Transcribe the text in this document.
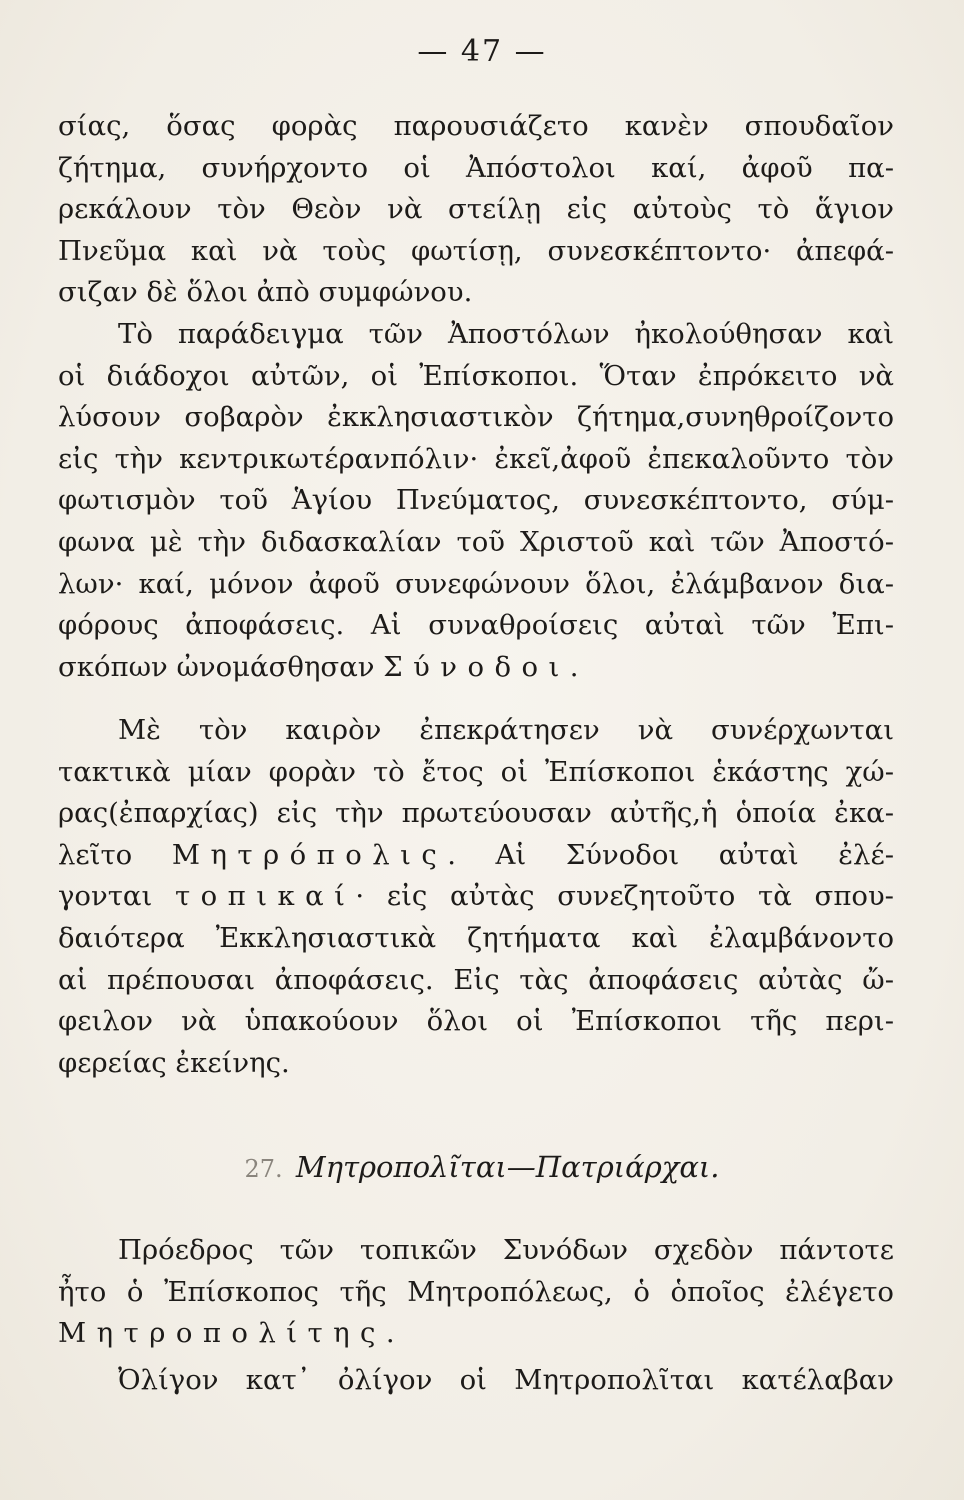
— 47 —
σίας, ὅσας φορὰς παρουσιάζετο κανὲν σπουδαῖον
ζήτημα, συνήρχοντο οἱ Ἀπόστολοι καί, ἀφοῦ πα-
ρεκάλουν τὸν Θεὸν νὰ στείλῃ εἰς αὐτοὺς τὸ ἅγιον
Πνεῦμα καὶ νὰ τοὺς φωτίσῃ, συνεσκέπτοντο· ἀπεφά-
σιζαν δὲ ὅλοι ἀπὸ συμφώνου.
Τὸ παράδειγμα τῶν Ἀποστόλων ἠκολούθησαν καὶ
οἱ διάδοχοι αὐτῶν, οἱ Ἐπίσκοποι. Ὅταν ἐπρόκειτο νὰ
λύσουν σοβαρὸν ἐκκλησιαστικὸν ζήτημα,συνηθροίζοντο
εἰς τὴν κεντρικωτέρανπόλιν· ἐκεῖ,ἀφοῦ ἐπεκαλοῦντο τὸν
φωτισμὸν τοῦ Ἁγίου Πνεύματος, συνεσκέπτοντο, σύμ-
φωνα μὲ τὴν διδασκαλίαν τοῦ Χριστοῦ καὶ τῶν Ἀποστό-
λων· καί, μόνον ἀφοῦ συνεφώνουν ὅλοι, ἐλάμβανον δια-
φόρους ἀποφάσεις. Αἱ συναθροίσεις αὐταὶ τῶν Ἐπι-
σκόπων ὠνομάσθησαν Σύνοδοι.
Μὲ τὸν καιρὸν ἐπεκράτησεν νὰ συνέρχωνται
τακτικὰ μίαν φορὰν τὸ ἔτος οἱ Ἐπίσκοποι ἑκάστης χώ-
ρας(ἐπαρχίας) εἰς τὴν πρωτεύουσαν αὐτῆς,ἡ ὁποία ἐκα-
λεῖτο Μητρόπολις. Αἱ Σύνοδοι αὐταὶ ἐλέ-
γονται τοπικαί· εἰς αὐτὰς συνεζητοῦτο τὰ σπου-
δαιότερα Ἐκκλησιαστικὰ ζητήματα καὶ ἐλαμβάνοντο
αἱ πρέπουσαι ἀποφάσεις. Εἰς τὰς ἀποφάσεις αὐτὰς ὤ-
φειλον νὰ ὑπακούουν ὅλοι οἱ Ἐπίσκοποι τῆς περι-
φερείας ἐκείνης.
27. Μητροπολῖται—Πατριάρχαι.
Πρόεδρος τῶν τοπικῶν Συνόδων σχεδὸν πάντοτε
ἦτο ὁ Ἐπίσκοπος τῆς Μητροπόλεως, ὁ ὁποῖος ἐλέγετο
Μητροπολίτης.
Ὀλίγον κατ᾿ ὀλίγον οἱ Μητροπολῖται κατέλαβαν
